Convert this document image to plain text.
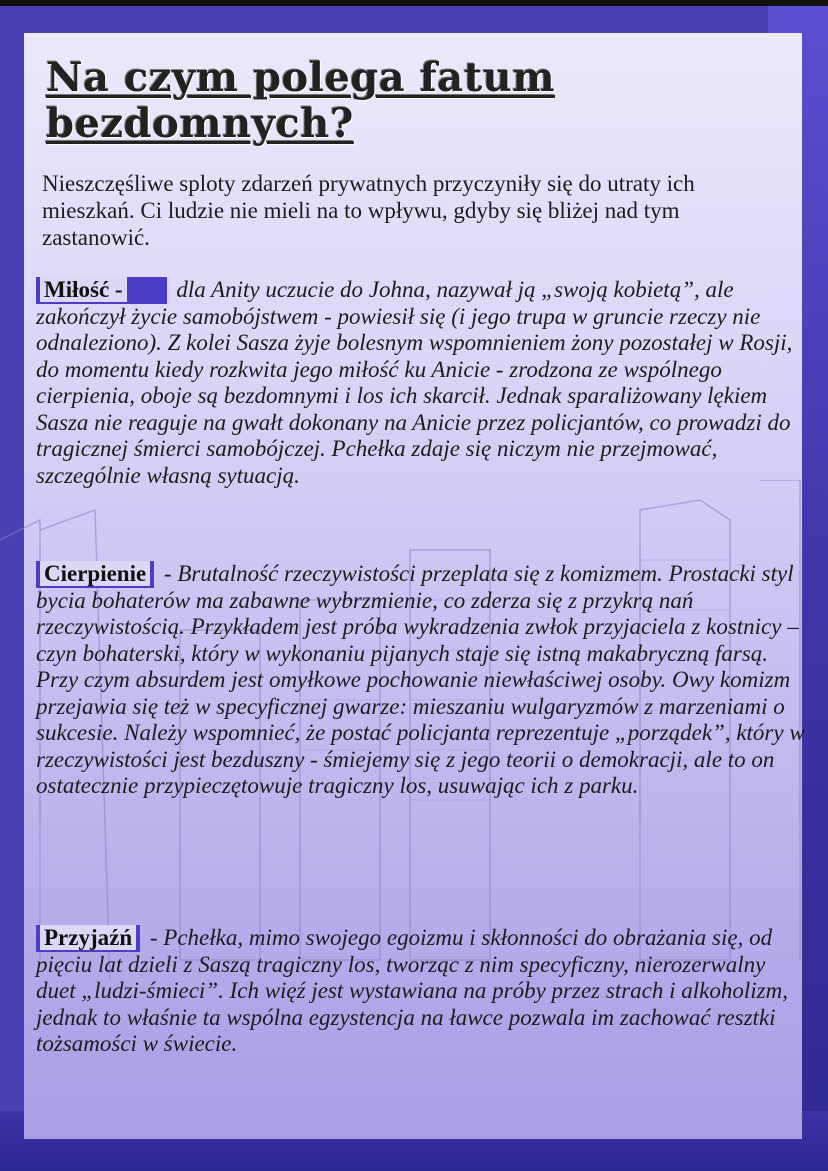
Na czym polega fatum bezdomnych?
Nieszczęśliwe sploty zdarzeń prywatnych przyczyniły się do utraty ich mieszkań. Ci ludzie nie mieli na to wpływu, gdyby się bliżej nad tym zastanowić.
Miłość - dla Anity uczucie do Johna, nazywał ją „swoją kobietą”, ale zakończył życie samobójstwem - powiesił się (i jego trupa w gruncie rzeczy nie odnaleziono). Z kolei Sasza żyje bolesnym wspomnieniem żony pozostałej w Rosji, do momentu kiedy rozkwita jego miłość ku Anicie - zrodzona ze wspólnego cierpienia, oboje są bezdomnymi i los ich skarcił. Jednak sparaliżowany lękiem Sasza nie reaguje na gwałt dokonany na Anicie przez policjantów, co prowadzi do tragicznej śmierci samobójczej. Pchełka zdaje się niczym nie przejmować, szczególnie własną sytuacją.
Cierpienie - Brutalność rzeczywistości przeplata się z komizmem. Prostacki styl bycia bohaterów ma zabawne wybrzmienie, co zderza się z przykrą nań rzeczywistością. Przykładem jest próba wykradzenia zwłok przyjaciela z kostnicy – czyn bohaterski, który w wykonaniu pijanych staje się istną makabryczną farsą. Przy czym absurdem jest omyłkowe pochowanie niewłaściwej osoby. Owy komizm przejawia się też w specyficznej gwarze: mieszaniu wulgaryzmów z marzeniami o sukcesie. Należy wspomnieć, że postać policjanta reprezentuje „porządek”, który w rzeczywistości jest bezduszny - śmiejemy się z jego teorii o demokracji, ale to on ostatecznie przypieczętowuje tragiczny los, usuwając ich z parku.
Przyjaźń - Pchełka, mimo swojego egoizmu i skłonności do obrażania się, od pięciu lat dzieli z Saszą tragiczny los, tworząc z nim specyficzny, nierozerwalny duet „ludzi-śmieci”. Ich więź jest wystawiana na próby przez strach i alkoholizm, jednak to właśnie ta wspólna egzystencja na ławce pozwala im zachować resztki tożsamości w świecie.
